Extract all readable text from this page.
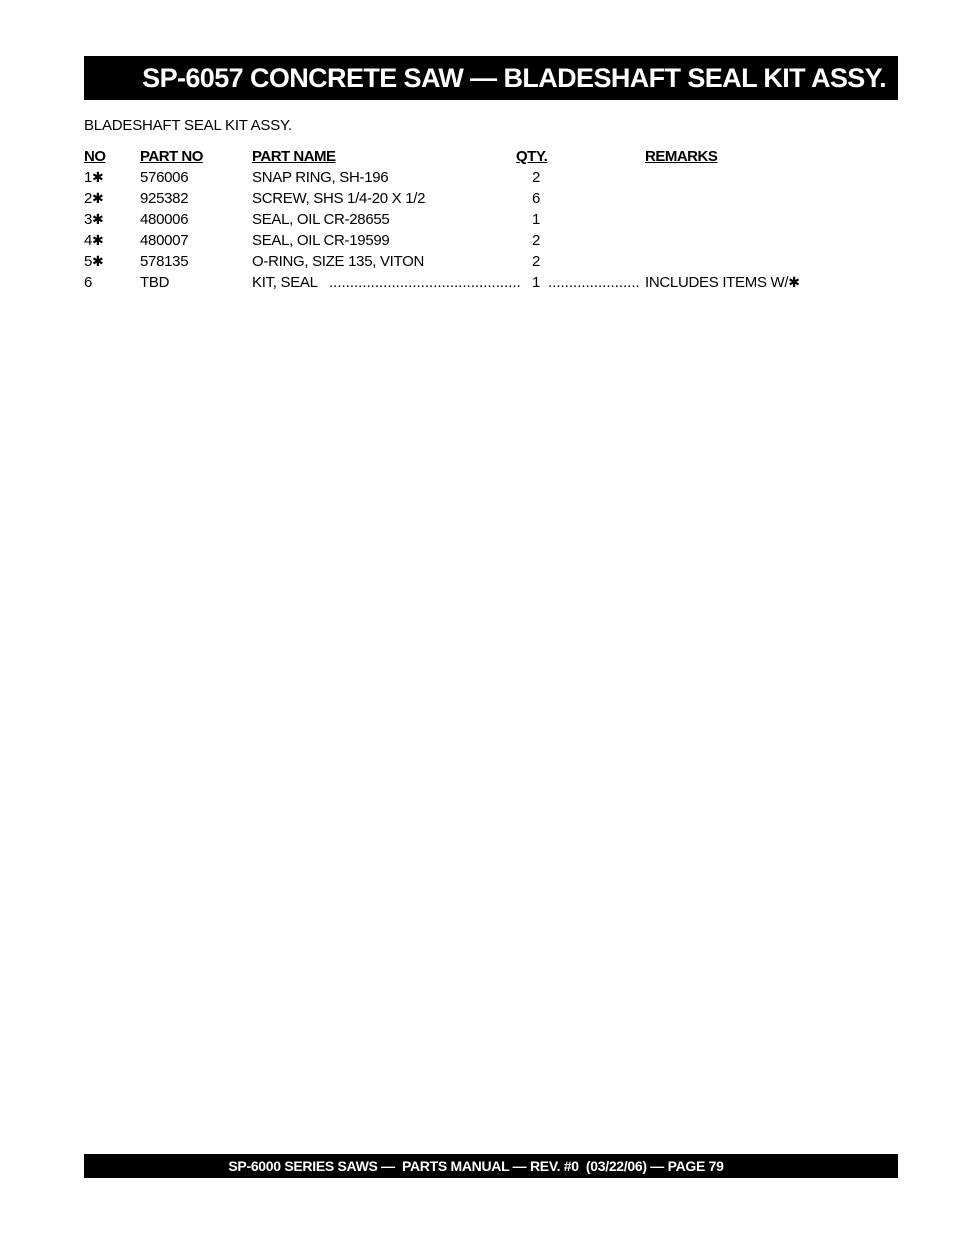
SP-6057 CONCRETE SAW — BLADESHAFT SEAL KIT ASSY.
BLADESHAFT SEAL KIT ASSY.
NO PART NO	PART NAME	QTY.	REMARKS
1✱ 576006	SNAP RING, SH-196	2
2✱ 925382	SCREW, SHS 1/4-20 X 1/2	6
3✱ 480006	SEAL, OIL CR-28655	1
4✱ 480007	SEAL, OIL CR-19599	2
5✱ 578135	O-RING, SIZE 135, VITON	2
6	TBD	KIT, SEAL .............................................. 1 ...................... INCLUDES ITEMS W/✱
SP-6000 SERIES SAWS —  PARTS MANUAL — REV. #0  (03/22/06) — PAGE 79
